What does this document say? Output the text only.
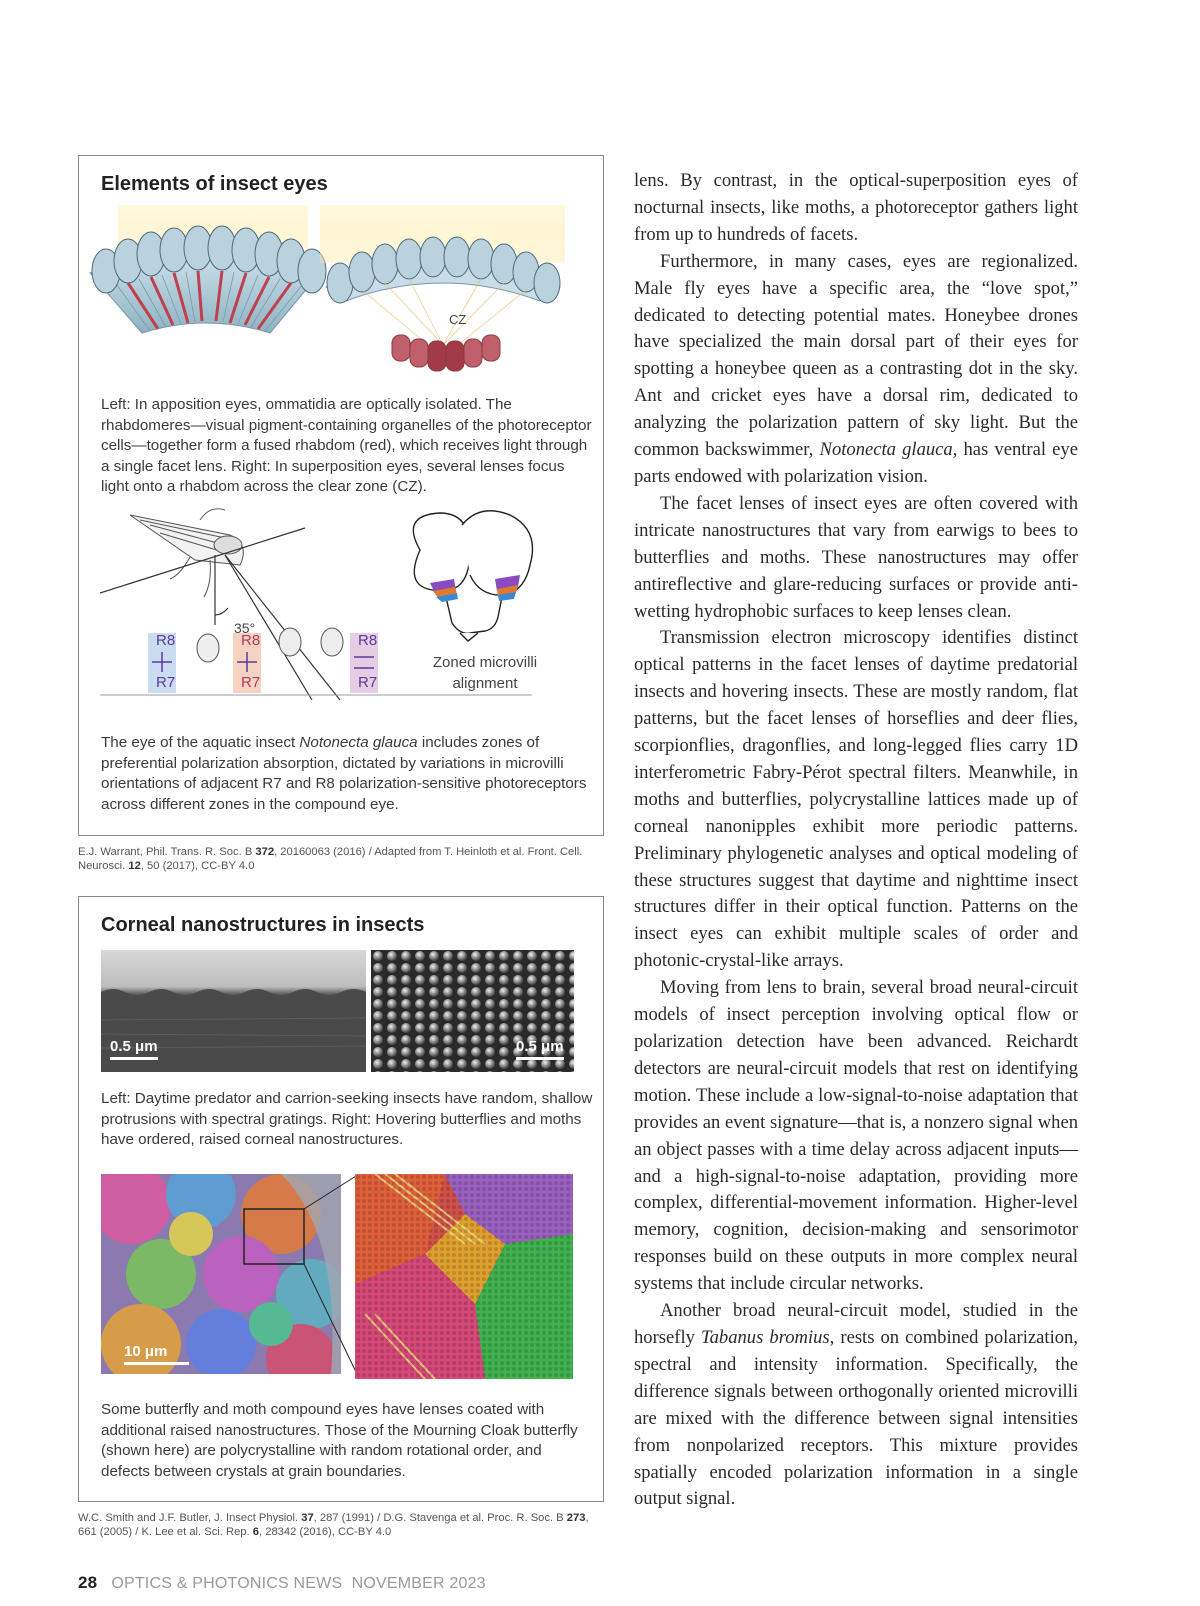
Elements of insect eyes
CZ
Left: In apposition eyes, ommatidia are optically isolated. The rhabdomeres—visual pigment-containing organelles of the photoreceptor cells—together form a fused rhabdom (red), which receives light through a single facet lens. Right: In superposition eyes, several lenses focus light onto a rhabdom across the clear zone (CZ).
35°
R8
R7
R8
R7
R8
R7
Zoned microvilli
alignment
The eye of the aquatic insect Notonecta glauca includes zones of preferential polarization absorption, dictated by variations in microvilli orientations of adjacent R7 and R8 polarization-sensitive photoreceptors across different zones in the compound eye.
E.J. Warrant, Phil. Trans. R. Soc. B 372, 20160063 (2016) / Adapted from T. Heinloth et al. Front. Cell. Neurosci. 12, 50 (2017), CC-BY 4.0
Corneal nanostructures in insects
0.5 μm	0.5 μm
Left: Daytime predator and carrion-seeking insects have random, shallow protrusions with spectral gratings. Right: Hovering butterflies and moths have ordered, raised corneal nanostructures.
10 μm
Some butterfly and moth compound eyes have lenses coated with additional raised nanostructures. Those of the Mourning Cloak butterfly (shown here) are polycrystalline with random rotational order, and defects between crystals at grain boundaries.
W.C. Smith and J.F. Butler, J. Insect Physiol. 37, 287 (1991) / D.G. Stavenga et al. Proc. R. Soc. B 273, 661 (2005) / K. Lee et al. Sci. Rep. 6, 28342 (2016), CC-BY 4.0

lens. By contrast, in the optical-superposition eyes of nocturnal insects, like moths, a photoreceptor gathers light from up to hundreds of facets.

Furthermore, in many cases, eyes are regionalized. Male fly eyes have a specific area, the “love spot,” dedicated to detecting potential mates. Honeybee drones have specialized the main dorsal part of their eyes for spotting a honeybee queen as a contrasting dot in the sky. Ant and cricket eyes have a dorsal rim, dedicated to analyzing the polarization pattern of sky light. But the common backswimmer, Notonecta glauca, has ventral eye parts endowed with polarization vision.

The facet lenses of insect eyes are often covered with intricate nanostructures that vary from earwigs to bees to butterflies and moths. These nanostructures may offer antireflective and glare-reducing surfaces or provide anti-wetting hydrophobic surfaces to keep lenses clean.

Transmission electron microscopy identifies distinct optical patterns in the facet lenses of daytime predatorial insects and hovering insects. These are mostly random, flat patterns, but the facet lenses of horseflies and deer flies, scorpionflies, dragonflies, and long-legged flies carry 1D interferometric Fabry-Pérot spectral filters. Meanwhile, in moths and butterflies, polycrystalline lattices made up of corneal nanonipples exhibit more periodic patterns. Preliminary phylogenetic analyses and optical modeling of these structures suggest that daytime and nighttime insect structures differ in their optical function. Patterns on the insect eyes can exhibit multiple scales of order and photonic-crystal-like arrays.

Moving from lens to brain, several broad neural-circuit models of insect perception involving optical flow or polarization detection have been advanced. Reichardt detectors are neural-circuit models that rest on identifying motion. These include a low-signal-to-noise adaptation that provides an event signature—that is, a nonzero signal when an object passes with a time delay across adjacent inputs—and a high-signal-to-noise adaptation, providing more complex, differential-movement information. Higher-level memory, cognition, decision-making and sensorimotor responses build on these outputs in more complex neural systems that include circular networks.

Another broad neural-circuit model, studied in the horsefly Tabanus bromius, rests on combined polarization, spectral and intensity information. Specifically, the difference signals between orthogonally oriented microvilli are mixed with the difference between signal intensities from nonpolarized receptors. This mixture provides spatially encoded polarization information in a single output signal.

28 OPTICS & PHOTONICS NEWS NOVEMBER 2023
